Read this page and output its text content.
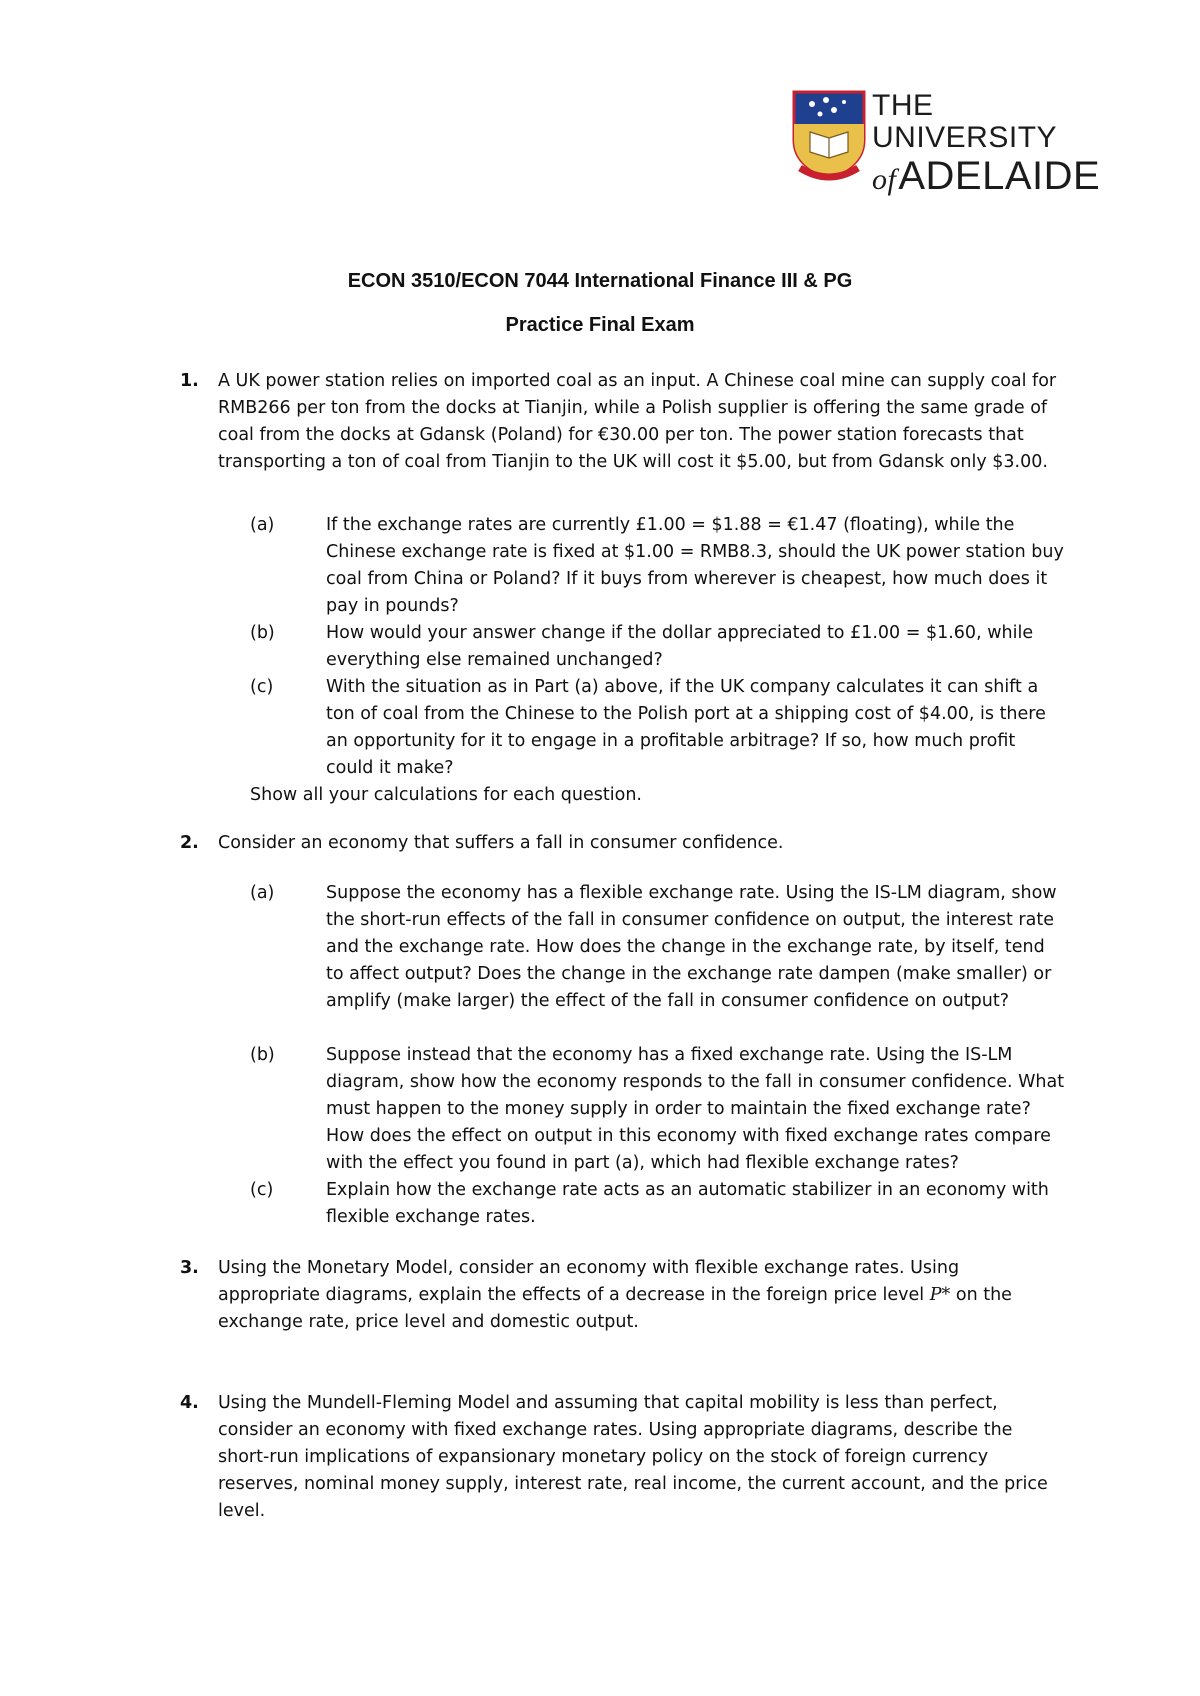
THE UNIVERSITY
ofADELAIDE
ECON 3510/ECON 7044 International Finance III & PG
Practice Final Exam
1. A UK power station relies on imported coal as an input. A Chinese coal mine can supply coal for RMB266 per ton from the docks at Tianjin, while a Polish supplier is offering the same grade of coal from the docks at Gdansk (Poland) for €30.00 per ton. The power station forecasts that transporting a ton of coal from Tianjin to the UK will cost it $5.00, but from Gdansk only $3.00.
(a)	If the exchange rates are currently £1.00 = $1.88 = €1.47 (floating), while the Chinese exchange rate is fixed at $1.00 = RMB8.3, should the UK power station buy coal from China or Poland? If it buys from wherever is cheapest, how much does it pay in pounds?
(b)	How would your answer change if the dollar appreciated to £1.00 = $1.60, while everything else remained unchanged?
(c)	With the situation as in Part (a) above, if the UK company calculates it can shift a ton of coal from the Chinese to the Polish port at a shipping cost of $4.00, is there an opportunity for it to engage in a profitable arbitrage? If so, how much profit could it make?
Show all your calculations for each question.
2. Consider an economy that suffers a fall in consumer confidence.
(a)	Suppose the economy has a flexible exchange rate. Using the IS-LM diagram, show the short-run effects of the fall in consumer confidence on output, the interest rate and the exchange rate. How does the change in the exchange rate, by itself, tend to affect output? Does the change in the exchange rate dampen (make smaller) or amplify (make larger) the effect of the fall in consumer confidence on output?
(b)	Suppose instead that the economy has a fixed exchange rate. Using the IS-LM diagram, show how the economy responds to the fall in consumer confidence. What must happen to the money supply in order to maintain the fixed exchange rate? How does the effect on output in this economy with fixed exchange rates compare with the effect you found in part (a), which had flexible exchange rates?
(c)	Explain how the exchange rate acts as an automatic stabilizer in an economy with flexible exchange rates.
3. Using the Monetary Model, consider an economy with flexible exchange rates. Using appropriate diagrams, explain the effects of a decrease in the foreign price level P* on the exchange rate, price level and domestic output.
4. Using the Mundell-Fleming Model and assuming that capital mobility is less than perfect, consider an economy with fixed exchange rates. Using appropriate diagrams, describe the short-run implications of expansionary monetary policy on the stock of foreign currency reserves, nominal money supply, interest rate, real income, the current account, and the price level.
